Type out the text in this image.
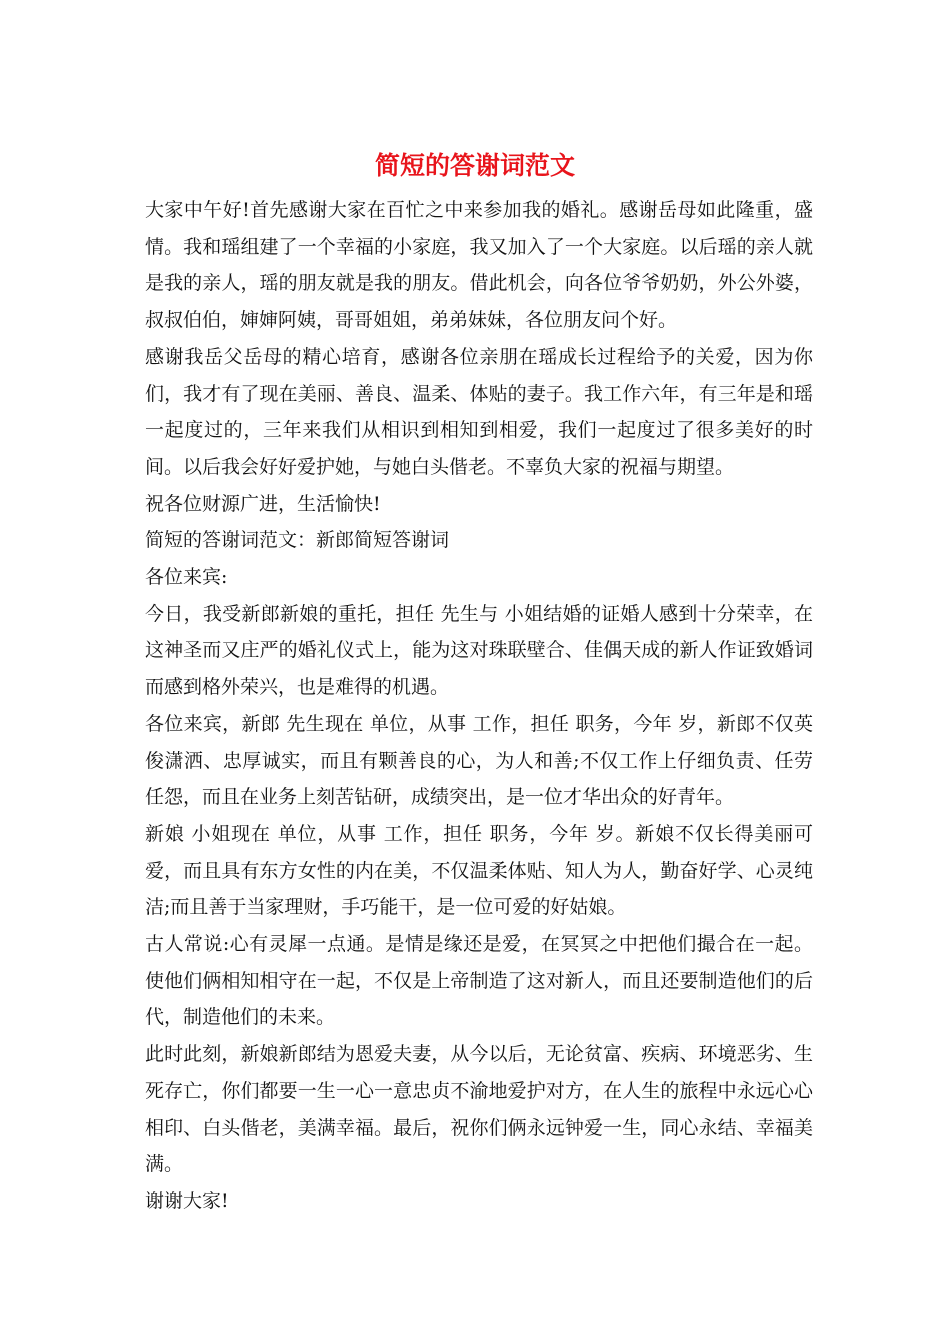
简短的答谢词范文

大家中午好!首先感谢大家在百忙之中来参加我的婚礼。感谢岳母如此隆重，盛情。我和瑶组建了一个幸福的小家庭，我又加入了一个大家庭。以后瑶的亲人就是我的亲人，瑶的朋友就是我的朋友。借此机会，向各位爷爷奶奶，外公外婆，叔叔伯伯，婶婶阿姨，哥哥姐姐，弟弟妹妹，各位朋友问个好。

感谢我岳父岳母的精心培育，感谢各位亲朋在瑶成长过程给予的关爱，因为你们，我才有了现在美丽、善良、温柔、体贴的妻子。我工作六年，有三年是和瑶一起度过的，三年来我们从相识到相知到相爱，我们一起度过了很多美好的时间。以后我会好好爱护她，与她白头偕老。不辜负大家的祝福与期望。

祝各位财源广进，生活愉快!

简短的答谢词范文：新郎简短答谢词

各位来宾:

今日，我受新郎新娘的重托，担任 先生与 小姐结婚的证婚人感到十分荣幸，在这神圣而又庄严的婚礼仪式上，能为这对珠联壁合、佳偶天成的新人作证致婚词而感到格外荣兴，也是难得的机遇。

各位来宾，新郎 先生现在 单位，从事 工作，担任 职务，今年 岁，新郎不仅英俊潇洒、忠厚诚实，而且有颗善良的心，为人和善;不仅工作上仔细负责、任劳任怨，而且在业务上刻苦钻研，成绩突出，是一位才华出众的好青年。

新娘 小姐现在 单位，从事 工作，担任 职务，今年 岁。新娘不仅长得美丽可爱，而且具有东方女性的内在美，不仅温柔体贴、知人为人，勤奋好学、心灵纯洁;而且善于当家理财，手巧能干，是一位可爱的好姑娘。

古人常说:心有灵犀一点通。是情是缘还是爱，在冥冥之中把他们撮合在一起。使他们俩相知相守在一起，不仅是上帝制造了这对新人，而且还要制造他们的后代，制造他们的未来。

此时此刻，新娘新郎结为恩爱夫妻，从今以后，无论贫富、疾病、环境恶劣、生死存亡，你们都要一生一心一意忠贞不渝地爱护对方，在人生的旅程中永远心心相印、白头偕老，美满幸福。最后，祝你们俩永远钟爱一生，同心永结、幸福美满。

谢谢大家!
